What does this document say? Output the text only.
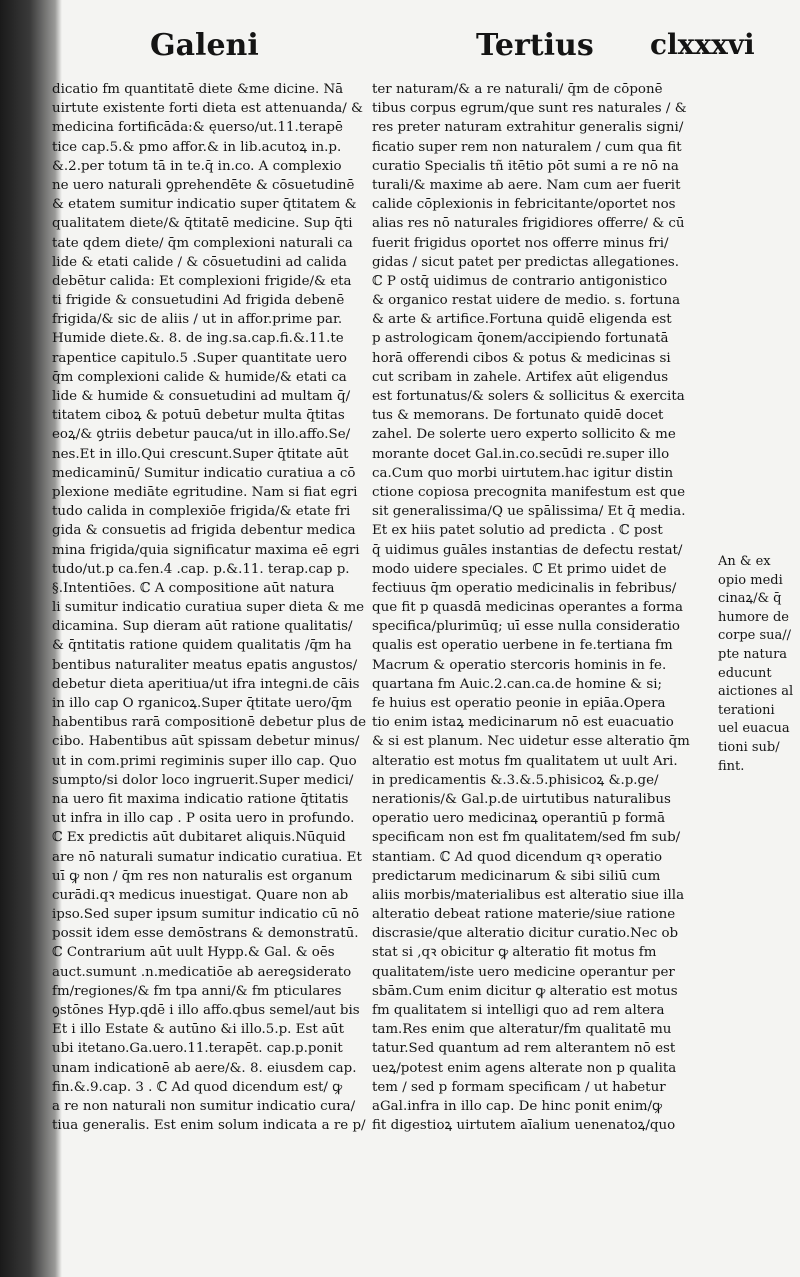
Galeni	Tertius clxxxvi
dicatio fm quantitatē diete &me dicine. Nā
uirtute existente forti dieta est attenuanda/ &
medicina fortificāda:& ęuerso/ut.11.terapē
tice cap.5.& pmo affor.& in lib.acutoꝝ in.p.
&.2.per totum tā in te.q̄ in.co. A complexio
ne uero naturali ꝯprehendēte & cōsuetudinē
& etatem sumitur indicatio super q̄titatem &
qualitatem diete/& q̄titatē medicine. Sup q̄ti
tate qdem diete/ q̄m complexioni naturali ca
lide & etati calide / & cōsuetudini ad calida
debētur calida: Et complexioni frigide/& eta
ti frigide & consuetudini Ad frigida debenē
frigida/& sic de aliis / ut in affor.prime par.
Humide diete.&. 8. de ing.sa.cap.fi.&.11.te
rapentice capitulo.5 .Super quantitate uero
q̄m complexioni calide & humide/& etati ca
lide & humide & consuetudini ad multam q̄/
titatem ciboꝝ & potuū debetur multa q̄titas
eoꝝ/& ꝯtriis debetur pauca/ut in illo.affo.Se/
nes.Et in illo.Qui crescunt.Super q̄titate aūt
medicaminū/ Sumitur indicatio curatiua a cō
plexione mediāte egritudine. Nam si fiat egri
tudo calida in complexiōe frigida/& etate fri
gida & consuetis ad frigida debentur medica
mina frigida/quia significatur maxima eē egri
tudo/ut.p ca.fen.4 .cap. p.&.11. terap.cap p.
§.Intentiōes. ℂ A compositione aūt natura
li sumitur indicatio curatiua super dieta & me
dicamina. Sup dieram aūt ratione qualitatis/
& q̄ntitatis ratione quidem qualitatis /q̄m ha
bentibus naturaliter meatus epatis angustos/
debetur dieta aperitiua/ut ifra integni.de cāis
in illo cap O rganicoꝝ.Super q̄titate uero/q̄m
habentibus rarā compositionē debetur plus de
cibo. Habentibus aūt spissam debetur minus/
ut in com.primi regiminis super illo cap. Quo
sumpto/si dolor loco ingruerit.Super medici/
na uero fit maxima indicatio ratione q̄titatis
ut infra in illo cap . P osita uero in profundo.
ℂ Ex predictis aūt dubitaret aliquis.Nūquid
are nō naturali sumatur indicatio curatiua. Et
uī ꝙ non / q̄m res non naturalis est organum
curādi.qꝛ medicus inuestigat. Quare non ab
ipso.Sed super ipsum sumitur indicatio cū nō
possit idem esse demōstrans & demonstratū.
ℂ Contrarium aūt uult Hypp.& Gal. & oēs
auct.sumunt .n.medicatiōe ab aereꝯsiderato
fm/regiones/& fm tpa anni/& fm pticulares
ꝯstōnes Hyp.qdē i illo affo.qbus semel/aut bis
Et i illo Estate & autūno &i illo.5.p. Est aūt
ubi itetano.Ga.uero.11.terapēt. cap.p.ponit
unam indicationē ab aere/&. 8. eiusdem cap.
fin.&.9.cap. 3 . ℂ Ad quod dicendum est/ ꝙ
a re non naturali non sumitur indicatio cura/
tiua generalis. Est enim solum indicata a re p/
ter naturam/& a re naturali/ q̄m de cōponē
tibus corpus egrum/que sunt res naturales / &
res preter naturam extrahitur generalis signi/
ficatio super rem non naturalem / cum qua fit
curatio Specialis tñ itētio pōt sumi a re nō na
turali/& maxime ab aere. Nam cum aer fuerit
calide cōplexionis in febricitante/oportet nos
alias res nō naturales frigidiores offerre/ & cū
fuerit frigidus oportet nos offerre minus fri/
gidas / sicut patet per predictas allegationes.
ℂ P ostq̄ uidimus de contrario antigonistico
& organico restat uidere de medio. s. fortuna
& arte & artifice.Fortuna quidē eligenda est
p astrologicam q̄onem/accipiendo fortunatā
horā offerendi cibos & potus & medicinas si
cut scribam in zahele. Artifex aūt eligendus
est fortunatus/& solers & sollicitus & exercita
tus & memorans. De fortunato quidē docet
zahel. De solerte uero experto sollicito & me
morante docet Gal.in.co.secūdi re.super illo
ca.Cum quo morbi uirtutem.hac igitur distin
ctione copiosa precognita manifestum est que
sit generalissima/Q ue spālissima/ Et q̄ media.
Et ex hiis patet solutio ad predicta . ℂ post
q̄ uidimus guāles instantias de defectu restat/
modo uidere speciales. ℂ Et primo uidet de
fectiuus q̄m operatio medicinalis in febribus/
que fit p quasdā medicinas operantes a forma
specifica/plurimūq; uī esse nulla consideratio
qualis est operatio uerbene in fe.tertiana fm
Macrum & operatio stercoris hominis in fe.
quartana fm Auic.2.can.ca.de homine & si;
fe huius est operatio peonie in epiāa.Opera
tio enim istaꝝ medicinarum nō est euacuatio
& si est planum. Nec uidetur esse alteratio q̄m
alteratio est motus fm qualitatem ut uult Ari.
in predicamentis &.3.&.5.phisicoꝝ &.p.ge/
nerationis/& Gal.p.de uirtutibus naturalibus
operatio uero medicinaꝝ operantiū p formā
specificam non est fm qualitatem/sed fm sub/
stantiam. ℂ Ad quod dicendum qꝛ operatio
predictarum medicinarum & sibi siliū cum
aliis morbis/materialibus est alteratio siue illa
alteratio debeat ratione materie/siue ratione
discrasie/que alteratio dicitur curatio.Nec ob
stat si ,qꝛ obicitur ꝙ alteratio fit motus fm
qualitatem/iste uero medicine operantur per
sbām.Cum enim dicitur ꝙ alteratio est motus
fm qualitatem si intelligi quo ad rem altera
tam.Res enim que alteratur/fm qualitatē mu
tatur.Sed quantum ad rem alterantem nō est
ueꝝ/potest enim agens alterate non p qualita
tem / sed p formam specificam / ut habetur
aGal.infra in illo cap. De hinc ponit enim/ꝙ
fit digestioꝝ uirtutem aīalium uenenatoꝝ/quo
An & ex
opio medi
cinaꝝ/& q̄
humore de
corpe sua//
pte natura
educunt
aictiones al
terationi
uel euacua
tioni sub/
fint.
